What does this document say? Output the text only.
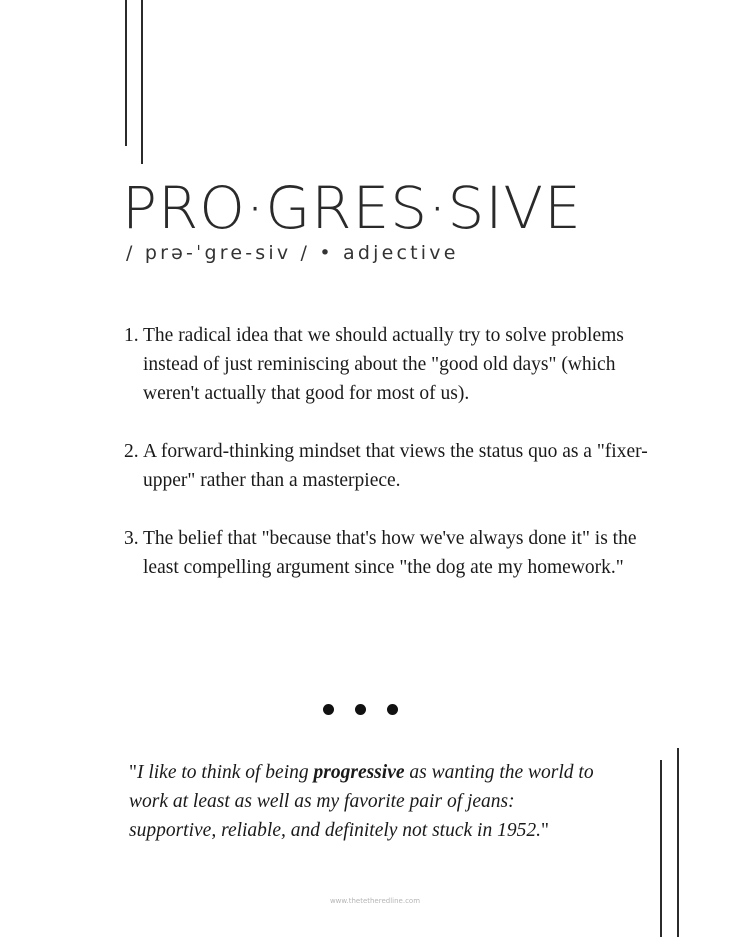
PRO·GRES·SIVE
/ prə-ˈgre-siv / • adjective
1. The radical idea that we should actually try to solve problems instead of just reminiscing about the "good old days" (which weren't actually that good for most of us).
2. A forward-thinking mindset that views the status quo as a "fixer-upper" rather than a masterpiece.
3. The belief that "because that's how we've always done it" is the least compelling argument since "the dog ate my homework."
"I like to think of being progressive as wanting the world to work at least as well as my favorite pair of jeans: supportive, reliable, and definitely not stuck in 1952."
www.thetetheredline.com
